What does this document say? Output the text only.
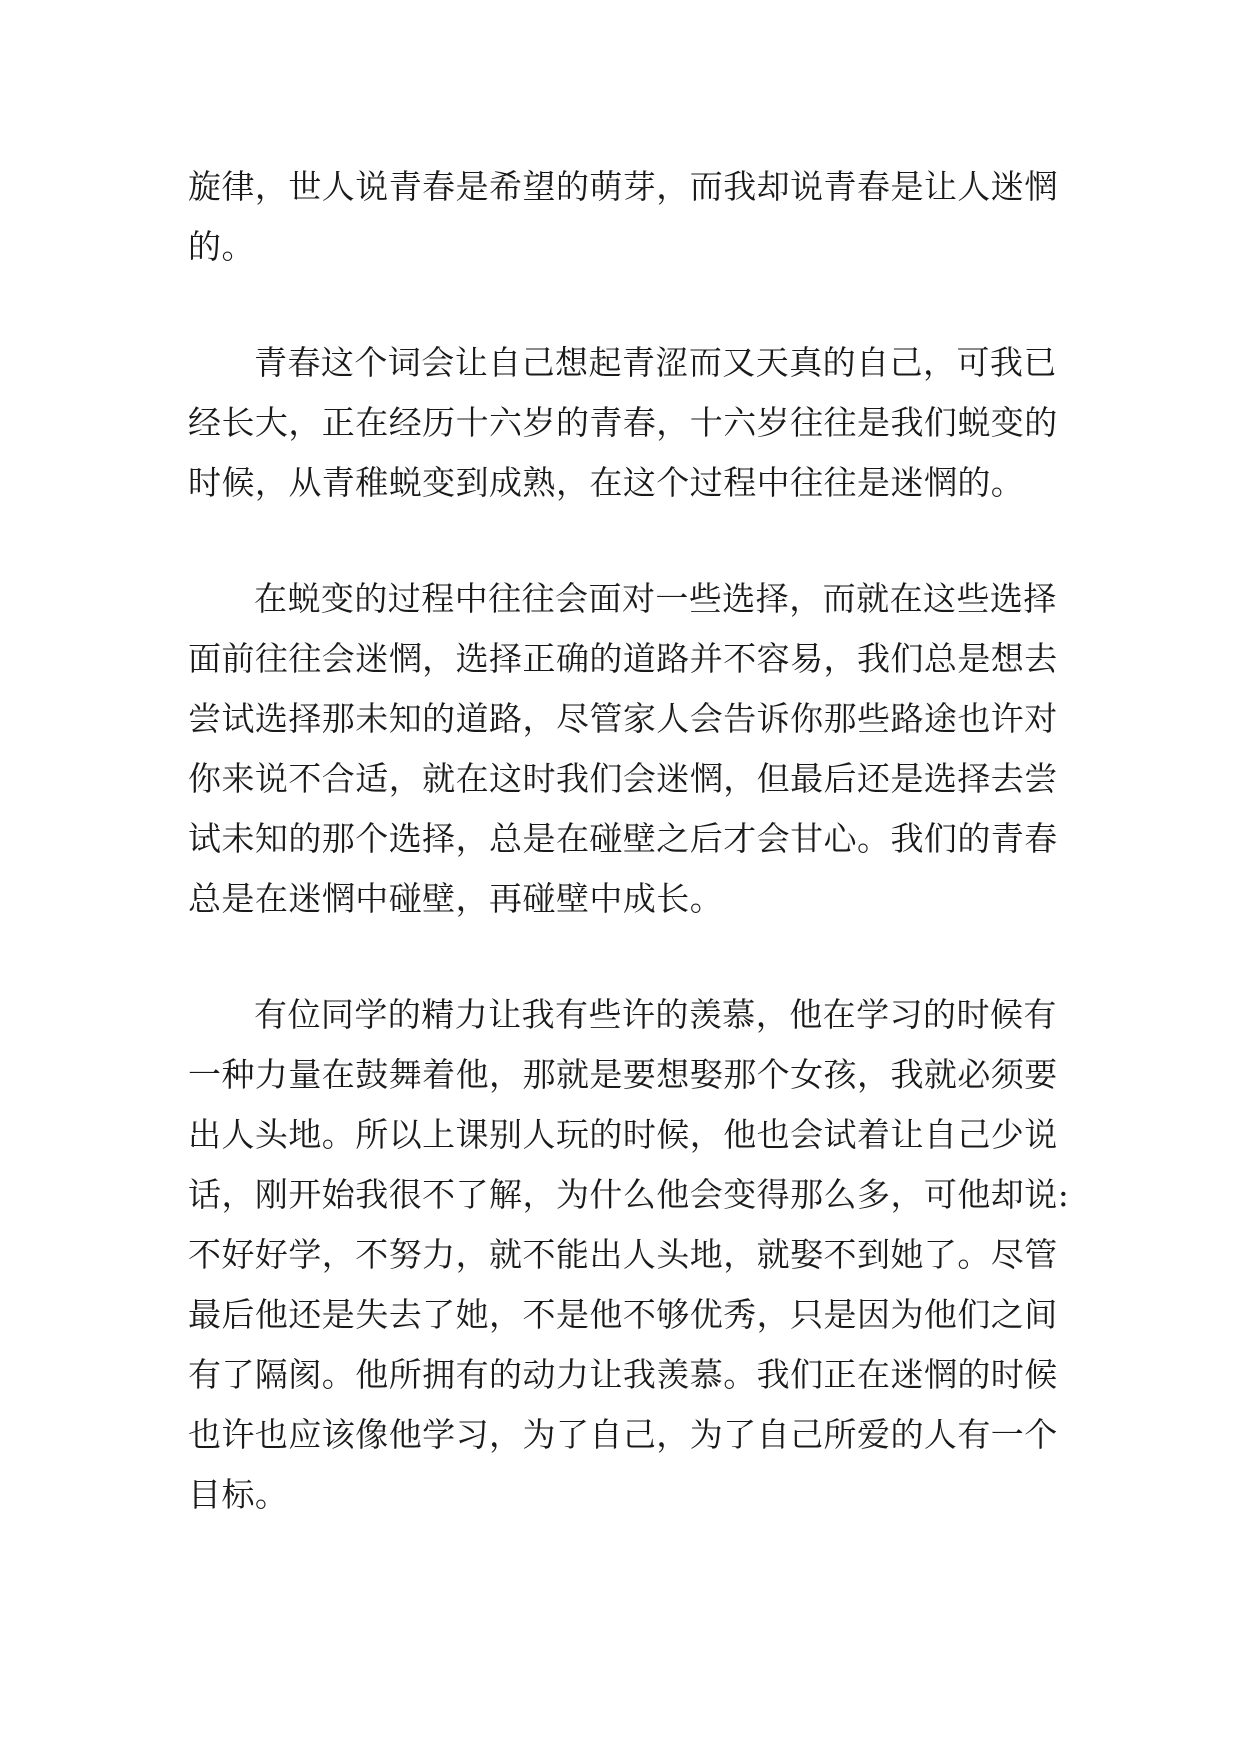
旋律，世人说青春是希望的萌芽，而我却说青春是让人迷惘
的。
青春这个词会让自己想起青涩而又天真的自己，可我已
经长大，正在经历十六岁的青春，十六岁往往是我们蜕变的
时候，从青稚蜕变到成熟，在这个过程中往往是迷惘的。
在蜕变的过程中往往会面对一些选择，而就在这些选择
面前往往会迷惘，选择正确的道路并不容易，我们总是想去
尝试选择那未知的道路，尽管家人会告诉你那些路途也许对
你来说不合适，就在这时我们会迷惘，但最后还是选择去尝
试未知的那个选择，总是在碰壁之后才会甘心。我们的青春
总是在迷惘中碰壁，再碰壁中成长。
有位同学的精力让我有些许的羡慕，他在学习的时候有
一种力量在鼓舞着他，那就是要想娶那个女孩，我就必须要
出人头地。所以上课别人玩的时候，他也会试着让自己少说
话，刚开始我很不了解，为什么他会变得那么多，可他却说:
不好好学，不努力，就不能出人头地，就娶不到她了。尽管
最后他还是失去了她，不是他不够优秀，只是因为他们之间
有了隔阂。他所拥有的动力让我羡慕。我们正在迷惘的时候
也许也应该像他学习，为了自己，为了自己所爱的人有一个
目标。
